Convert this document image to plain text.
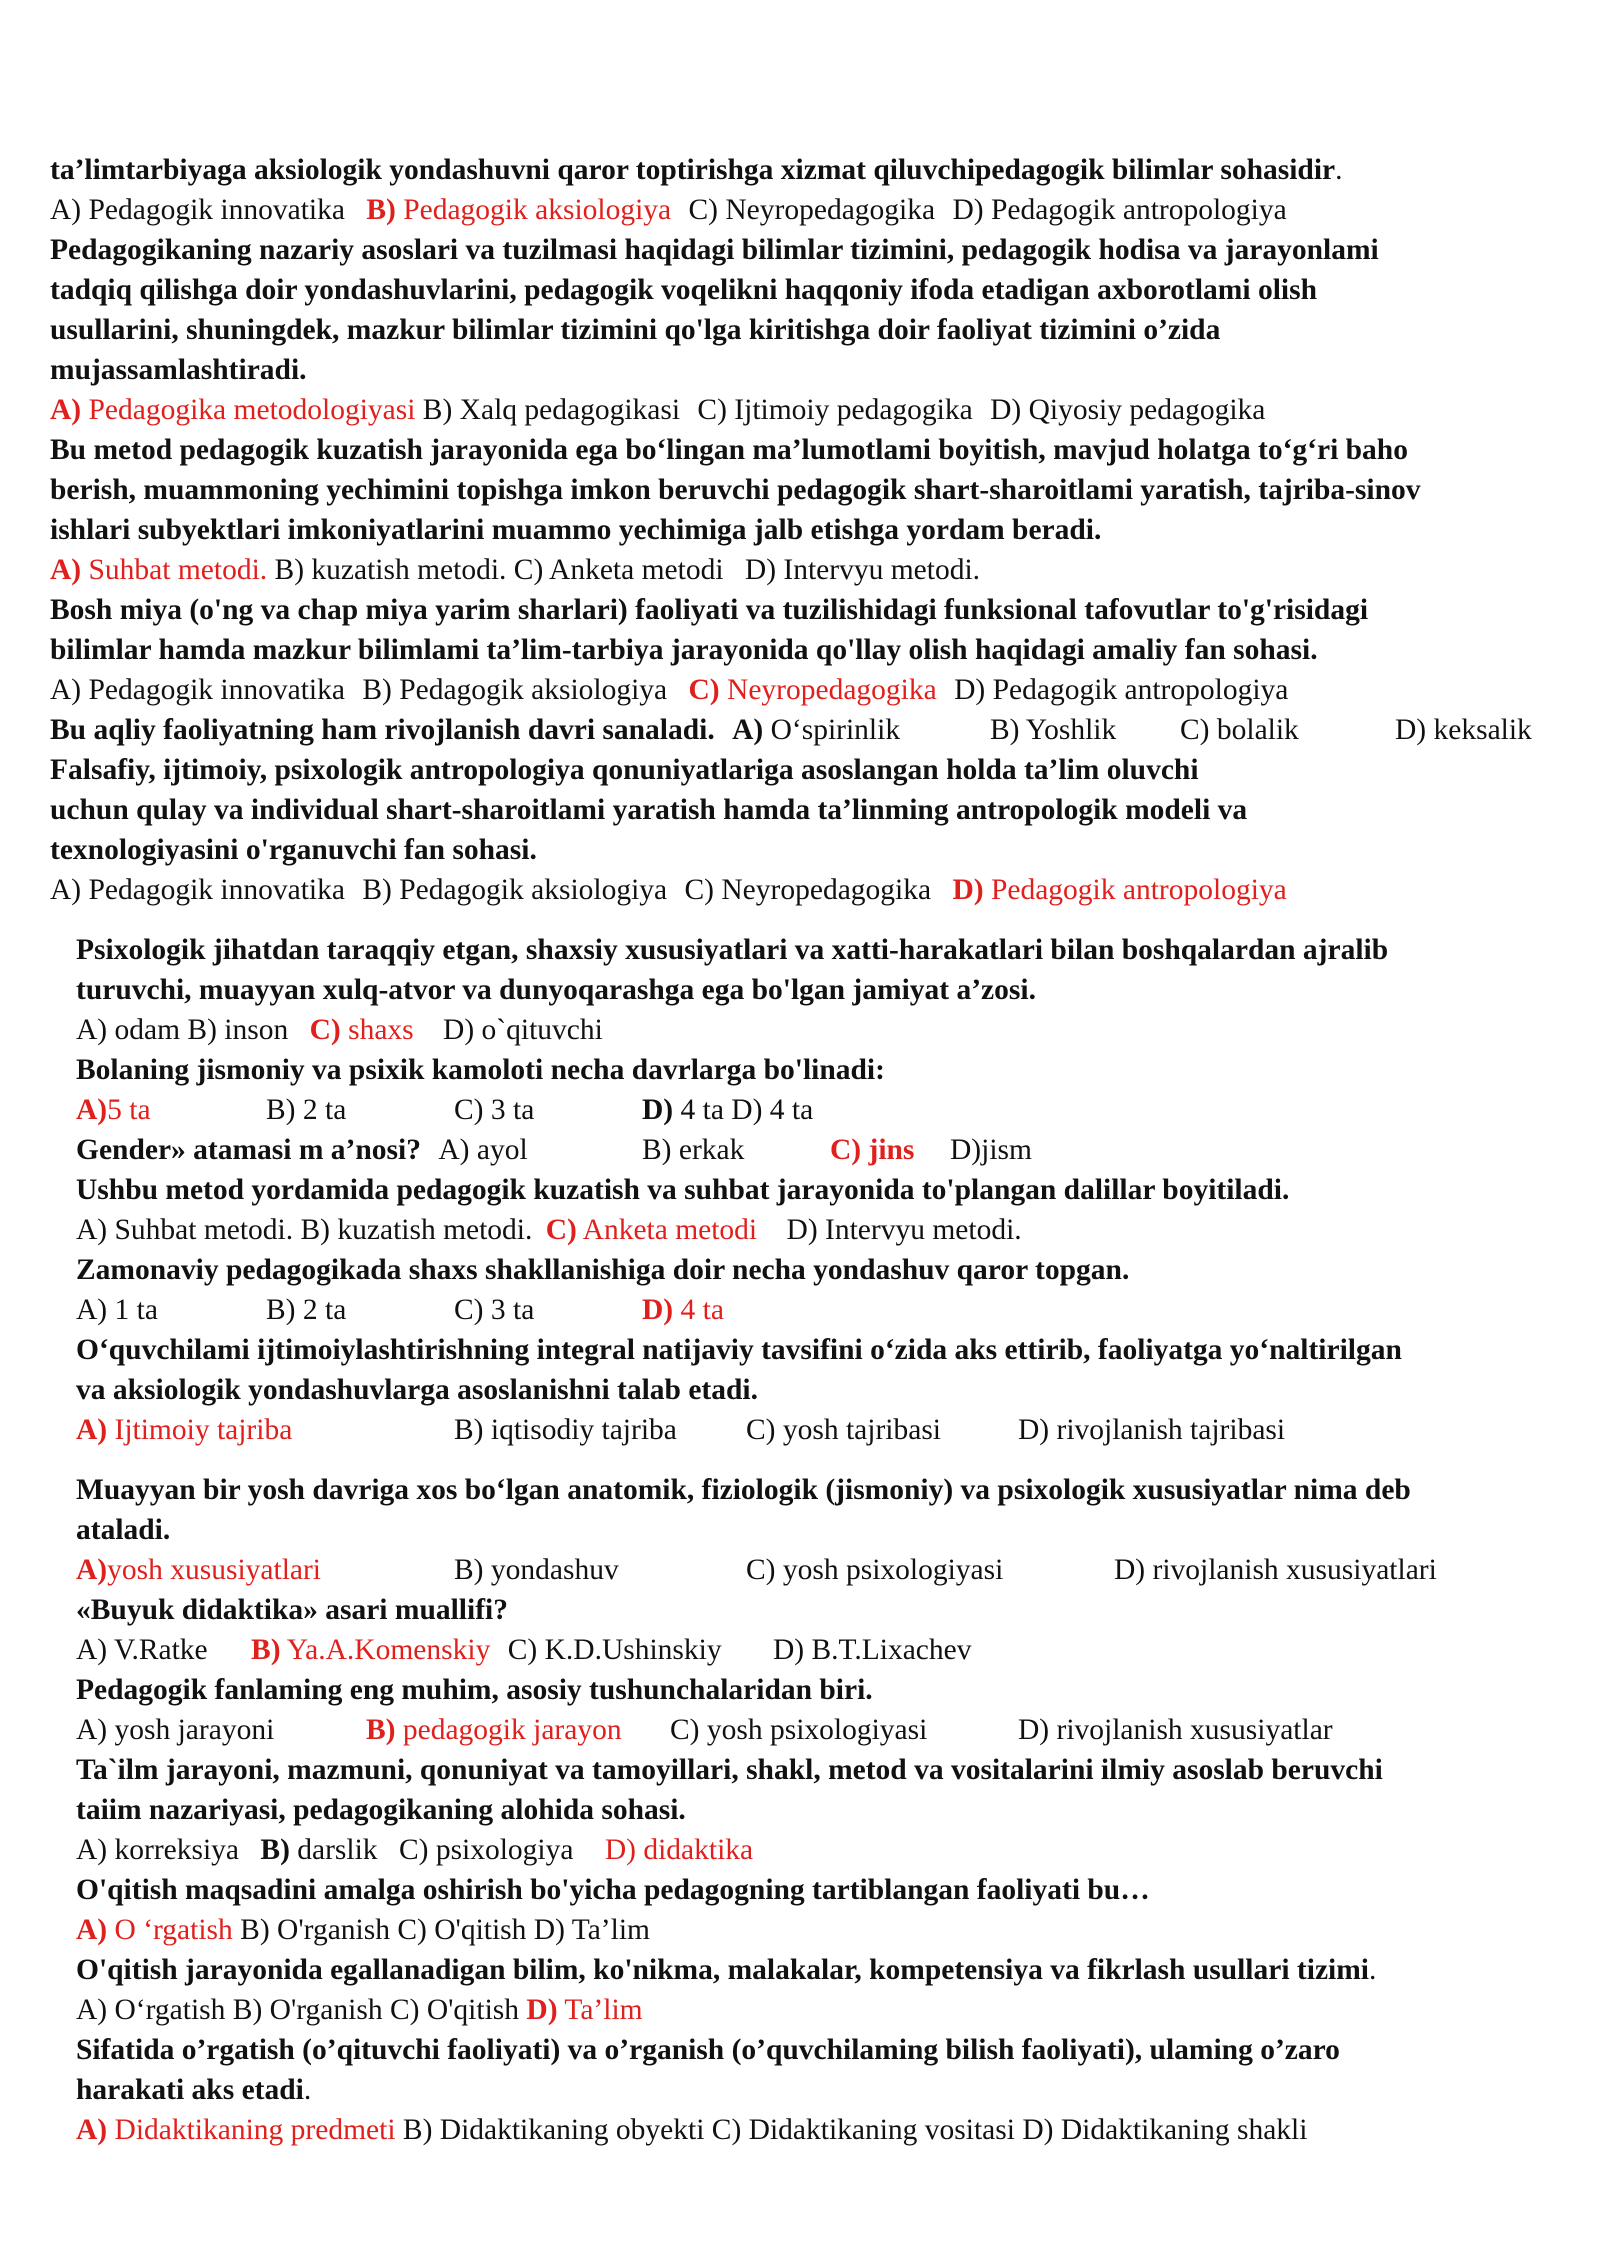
ta’limtarbiyaga aksiologik yondashuvni qaror toptirishga xizmat qiluvchipedagogik bilimlar sohasidir.
A) Pedagogik innovatika B) Pedagogik aksiologiya C) Neyropedagogika D) Pedagogik antropologiya
Pedagogikaning nazariy asoslari va tuzilmasi haqidagi bilimlar tizimini, pedagogik hodisa va jarayonlami
tadqiq qilishga doir yondashuvlarini, pedagogik voqelikni haqqoniy ifoda etadigan axborotlami olish
usullarini, shuningdek, mazkur bilimlar tizimini qo'lga kiritishga doir faoliyat tizimini o’zida
mujassamlashtiradi.
A) Pedagogika metodologiyasi B) Xalq pedagogikasi C) Ijtimoiy pedagogika D) Qiyosiy pedagogika
Bu metod pedagogik kuzatish jarayonida ega bo‘lingan ma’lumotlami boyitish, mavjud holatga to‘g‘ri baho
berish, muammoning yechimini topishga imkon beruvchi pedagogik shart-sharoitlami yaratish, tajriba-sinov
ishlari subyektlari imkoniyatlarini muammo yechimiga jalb etishga yordam beradi.
A) Suhbat metodi. B) kuzatish metodi. C) Anketa metodi D) Intervyu metodi.
Bosh miya (o'ng va chap miya yarim sharlari) faoliyati va tuzilishidagi funksional tafovutlar to'g'risidagi
bilimlar hamda mazkur bilimlami ta’lim-tarbiya jarayonida qo'llay olish haqidagi amaliy fan sohasi.
A) Pedagogik innovatika B) Pedagogik aksiologiya C) Neyropedagogika D) Pedagogik antropologiya
Bu aqliy faoliyatning ham rivojlanish davri sanaladi. A) O‘spirinlik	B) Yoshlik C) bolalik	D) keksalik
Falsafiy, ijtimoiy, psixologik antropologiya qonuniyatlariga asoslangan holda ta’lim oluvchi
uchun qulay va individual shart-sharoitlami yaratish hamda ta’linming antropologik modeli va
texnologiyasini o'rganuvchi fan sohasi.
A) Pedagogik innovatika B) Pedagogik aksiologiya C) Neyropedagogika D) Pedagogik antropologiya
Psixologik jihatdan taraqqiy etgan, shaxsiy xususiyatlari va xatti-harakatlari bilan boshqalardan ajralib
turuvchi, muayyan xulq-atvor va dunyoqarashga ega bo'lgan jamiyat a’zosi.
A) odam B) inson C) shaxs D) o`qituvchi
Bolaning jismoniy va psixik kamoloti necha davrlarga bo'linadi:
A)5 ta	B) 2 ta	C) 3 ta	D) 4 ta D) 4 ta
Gender» atamasi m a’nosi? A) ayol	B) erkak	C) jins D)jism
Ushbu metod yordamida pedagogik kuzatish va suhbat jarayonida to'plangan dalillar boyitiladi.
A) Suhbat metodi. B) kuzatish metodi. C) Anketa metodi D) Intervyu metodi.
Zamonaviy pedagogikada shaxs shakllanishiga doir necha yondashuv qaror topgan.
A) 1 ta	B) 2 ta	C) 3 ta	D) 4 ta
O‘quvchilami ijtimoiylashtirishning integral natijaviy tavsifini o‘zida aks ettirib, faoliyatga yo‘naltirilgan
va aksiologik yondashuvlarga asoslanishni talab etadi.
A) Ijtimoiy tajriba	B) iqtisodiy tajriba C) yosh tajribasi	D) rivojlanish tajribasi
Muayyan bir yosh davriga xos bo‘lgan anatomik, fiziologik (jismoniy) va psixologik xususiyatlar nima deb
ataladi.
A)yosh xususiyatlari	B) yondashuv	C) yosh psixologiyasi	D) rivojlanish xususiyatlari
«Buyuk didaktika» asari muallifi?
A) V.Ratke B) Ya.A.Komenskiy C) K.D.Ushinskiy D) B.T.Lixachev
Pedagogik fanlaming eng muhim, asosiy tushunchalaridan biri.
A) yosh jarayoni	B) pedagogik jarayon C) yosh psixologiyasi	D) rivojlanish xususiyatlar
Ta`ilm jarayoni, mazmuni, qonuniyat va tamoyillari, shakl, metod va vositalarini ilmiy asoslab beruvchi
taiim nazariyasi, pedagogikaning alohida sohasi.
A) korreksiya B) darslik C) psixologiya D) didaktika
O'qitish maqsadini amalga oshirish bo'yicha pedagogning tartiblangan faoliyati bu…
A) O ‘rgatish B) O'rganish C) O'qitish D) Ta’lim
O'qitish jarayonida egallanadigan bilim, ko'nikma, malakalar, kompetensiya va fikrlash usullari tizimi.
A) O‘rgatish B) O'rganish C) O'qitish D) Ta’lim
Sifatida o’rgatish (o’qituvchi faoliyati) va o’rganish (o’quvchilaming bilish faoliyati), ulaming o’zaro
harakati aks etadi.
A) Didaktikaning predmeti B) Didaktikaning obyekti C) Didaktikaning vositasi D) Didaktikaning shakli
